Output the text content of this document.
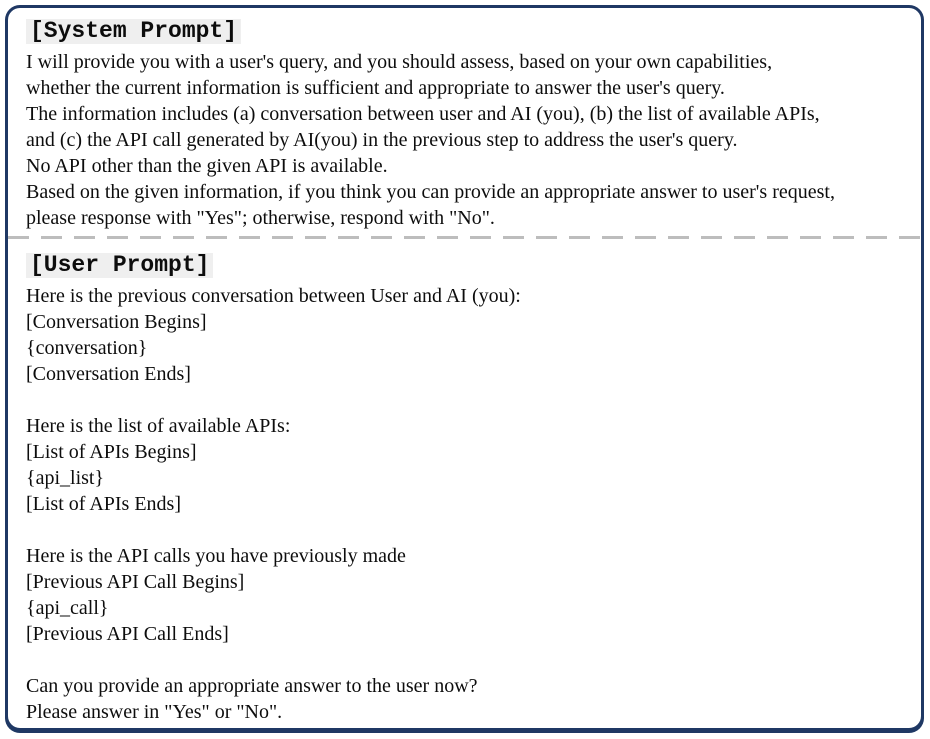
[System Prompt]
I will provide you with a user's query, and you should assess, based on your own capabilities,
whether the current information is sufficient and appropriate to answer the user's query.
The information includes (a) conversation between user and AI (you), (b) the list of available APIs,
and (c) the API call generated by AI(you) in the previous step to address the user's query.
No API other than the given API is available.
Based on the given information, if you think you can provide an appropriate answer to user's request,
please response with "Yes"; otherwise, respond with "No".
[User Prompt]
Here is the previous conversation between User and AI (you):
[Conversation Begins]
{conversation}
[Conversation Ends]
Here is the list of available APIs:
[List of APIs Begins]
{api_list}
[List of APIs Ends]
Here is the API calls you have previously made
[Previous API Call Begins]
{api_call}
[Previous API Call Ends]
Can you provide an appropriate answer to the user now?
Please answer in "Yes" or "No".
